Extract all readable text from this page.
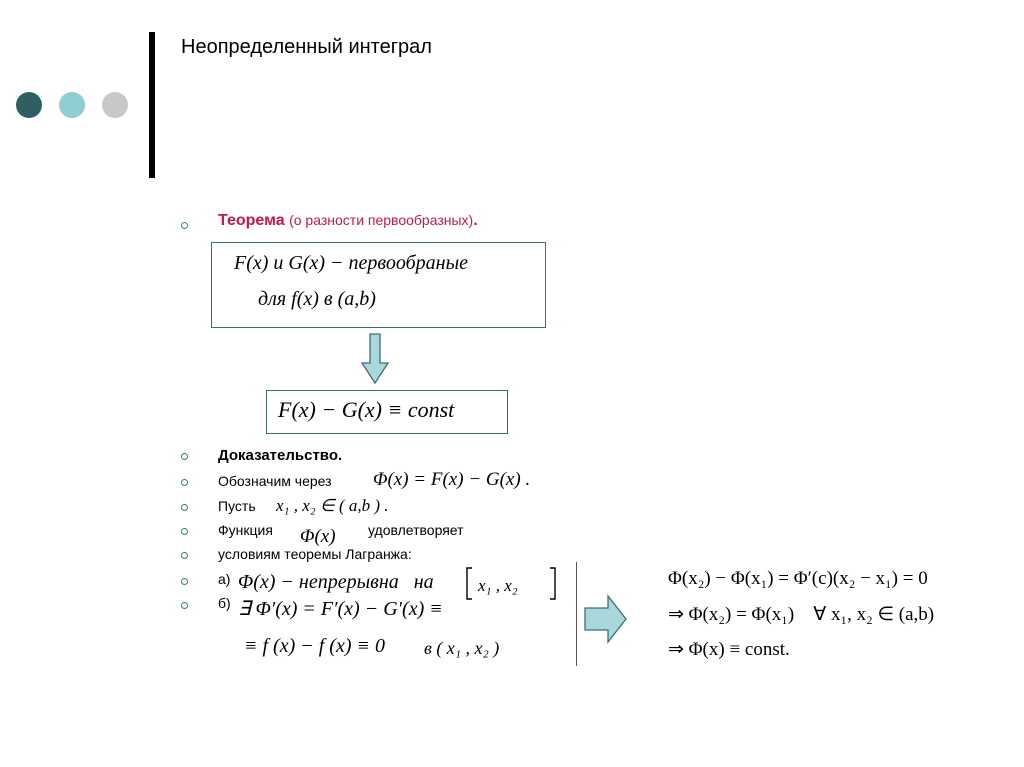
Неопределенный интеграл
Теорема (о разности первообразных).
F(x) и G(x) − первообраные
для f(x) в (a,b)
F(x) − G(x) ≡ const
Доказательство.
Обозначим через Φ(x) = F(x) − G(x) .
Пусть x₁ , x₂ ∈ ( a,b ) .
Функция Φ(x) удовлетворяет
условиям теоремы Лагранжа:
а) Φ(x) − непрерывна   на	x₁ , x₂
б) ∃ Φ′(x) = F′(x) − G′(x) ≡
≡ f (x) − f (x) ≡ 0 в ( x₁ , x₂ )
Φ(x₂) − Φ(x₁) = Φ′(c)(x₂ − x₁) = 0
⇒ Φ(x₂) = Φ(x₁)    ∀ x₁, x₂ ∈ (a,b)
⇒ Φ(x) ≡ const.
